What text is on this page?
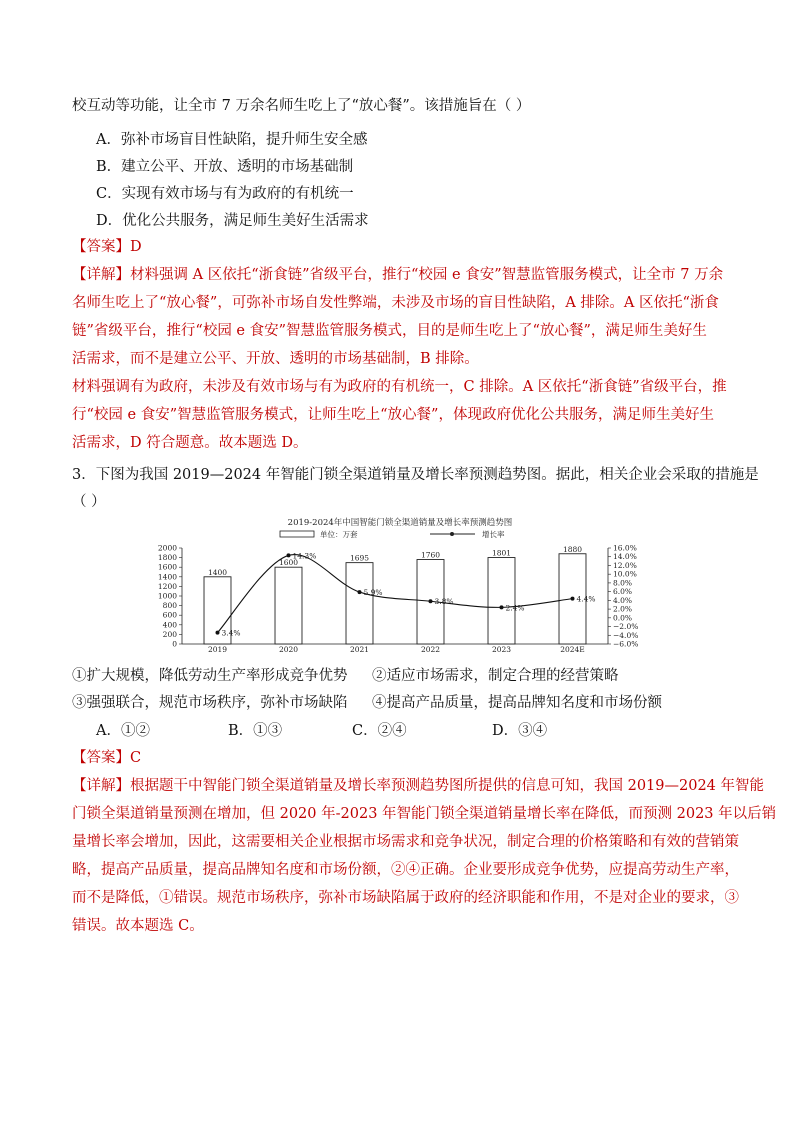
校互动等功能，让全市 7 万余名师生吃上了“放心餐”。该措施旨在（ ）
A．弥补市场盲目性缺陷，提升师生安全感
B．建立公平、开放、透明的市场基础制
C．实现有效市场与有为政府的有机统一
D．优化公共服务，满足师生美好生活需求
【答案】D
【详解】材料强调 A 区依托“浙食链”省级平台，推行“校园 e 食安”智慧监管服务模式，让全市 7 万余
名师生吃上了“放心餐”，可弥补市场自发性弊端，未涉及市场的盲目性缺陷，A 排除。A 区依托“浙食
链”省级平台，推行“校园 e 食安”智慧监管服务模式，目的是师生吃上了“放心餐”，满足师生美好生
活需求，而不是建立公平、开放、透明的市场基础制，B 排除。
材料强调有为政府，未涉及有效市场与有为政府的有机统一，C 排除。A 区依托“浙食链”省级平台，推
行“校园 e 食安”智慧监管服务模式，让师生吃上“放心餐”，体现政府优化公共服务，满足师生美好生
活需求，D 符合题意。故本题选 D。
3．下图为我国 2019—2024 年智能门锁全渠道销量及增长率预测趋势图。据此，相关企业会采取的措施是
（ ）
2019-2024年中国智能门锁全渠道销量及增长率预测趋势图
单位：万套	增长率
2000
1800
1600
1400
1200
1000
800
600
400
200
0
16.0%
14.0%
12.0%
10.0%
8.0%
6.0%
4.0%
2.0%
0.0%
−2.0%
−4.0%
−6.0%
1400
2019
1600
2020
1695
2021
1760
2022
1801
2023
1880
2024E
3.4%
14.3%
5.9%
3.8%
2.4%
4.4%
①扩大规模，降低劳动生产率形成竞争优势 ②适应市场需求，制定合理的经营策略
③强强联合，规范市场秩序，弥补市场缺陷 ④提高产品质量，提高品牌知名度和市场份额
A．①②	B．①③	C．②④	D．③④
【答案】C
【详解】根据题干中智能门锁全渠道销量及增长率预测趋势图所提供的信息可知，我国 2019—2024 年智能
门锁全渠道销量预测在增加，但 2020 年-2023 年智能门锁全渠道销量增长率在降低，而预测 2023 年以后销
量增长率会增加，因此，这需要相关企业根据市场需求和竞争状况，制定合理的价格策略和有效的营销策
略，提高产品质量，提高品牌知名度和市场份额，②④正确。企业要形成竞争优势，应提高劳动生产率，
而不是降低，①错误。规范市场秩序，弥补市场缺陷属于政府的经济职能和作用，不是对企业的要求，③
错误。故本题选 C。
